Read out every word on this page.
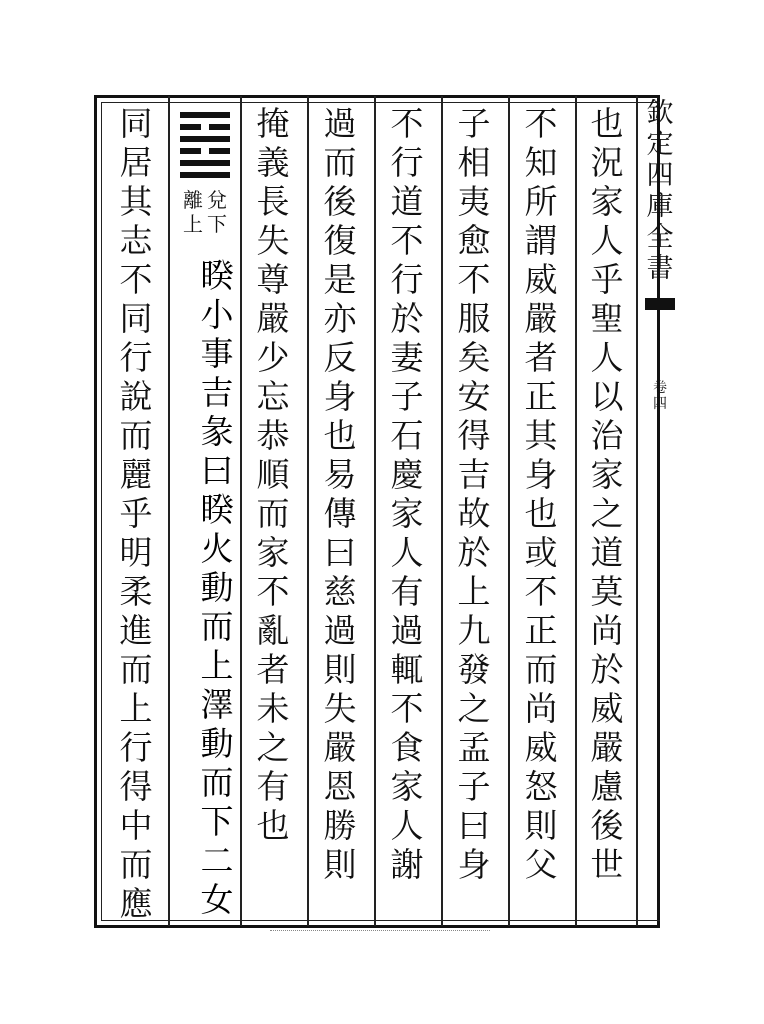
欽
定
四
庫
全
書
卷
四
也
況
家
人
乎
聖
人
以
治
家
之
道
莫
尚
於
威
嚴
慮
後
世
不
知
所
謂
威
嚴
者
正
其
身
也
或
不
正
而
尚
威
怒
則
父
子
相
夷
愈
不
服
矣
安
得
吉
故
於
上
九
發
之
孟
子
曰
身
不
行
道
不
行
於
妻
子
石
慶
家
人
有
過
輒
不
食
家
人
謝
過
而
後
復
是
亦
反
身
也
易
傳
曰
慈
過
則
失
嚴
恩
勝
則
掩
義
長
失
尊
嚴
少
忘
恭
順
而
家
不
亂
者
未
之
有
也
兌
下
離
上
睽
小
事
吉
彖
曰
睽
火
動
而
上
澤
動
而
下
二
女
同
居
其
志
不
同
行
說
而
麗
乎
明
柔
進
而
上
行
得
中
而
應
